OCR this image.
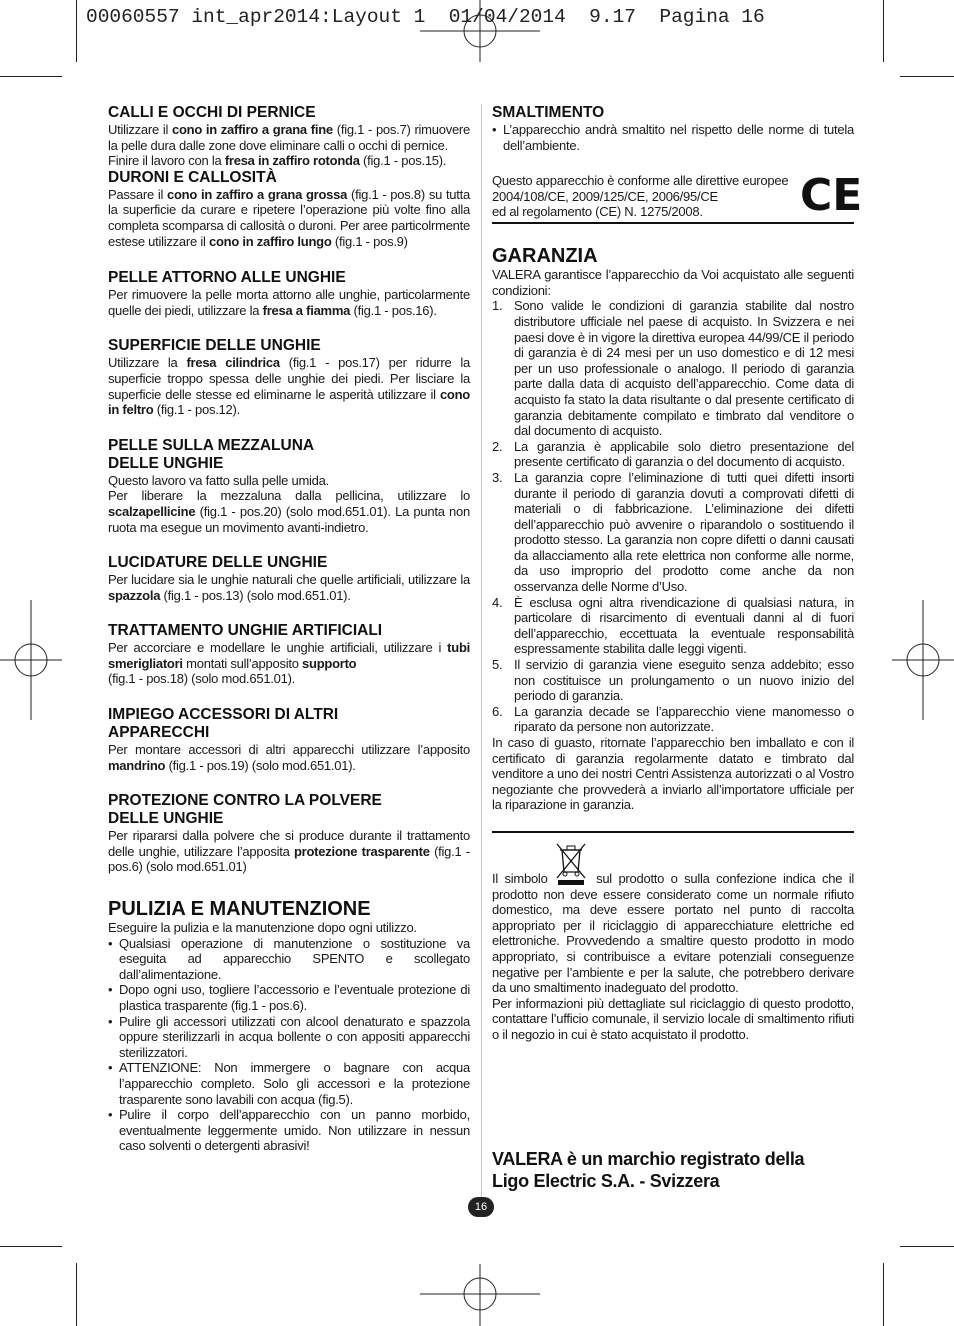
00060557 int_apr2014:Layout 1  01/04/2014  9.17  Pagina 16
CALLI E OCCHI DI PERNICE

Utilizzare il cono in zaffiro a grana fine (fig.1 - pos.7) rimuovere la pelle dura dalle zone dove eliminare calli o occhi di pernice.

Finire il lavoro con la fresa in zaffiro rotonda (fig.1 - pos.15).

DURONI E CALLOSITÀ

Passare il cono in zaffiro a grana grossa (fig.1 - pos.8) su tutta la superficie da curare e ripetere l’operazione più volte fino alla completa scomparsa di callosità o duroni. Per aree particolrmente estese utilizzare il cono in zaffiro lungo (fig.1 - pos.9)

PELLE ATTORNO ALLE UNGHIE

Per rimuovere la pelle morta attorno alle unghie, particolarmente quelle dei piedi, utilizzare la fresa a fiamma (fig.1 - pos.16).

SUPERFICIE DELLE UNGHIE

Utilizzare la fresa cilindrica (fig.1 - pos.17) per ridurre la superficie troppo spessa delle unghie dei piedi. Per lisciare la superficie delle stesse ed eliminarne le asperità utilizzare il cono in feltro (fig.1 - pos.12).

PELLE SULLA MEZZALUNA
DELLE UNGHIE

Questo lavoro va fatto sulla pelle umida.

Per liberare la mezzaluna dalla pellicina, utilizzare lo scalzapellicine (fig.1 - pos.20) (solo mod.651.01). La punta non ruota ma esegue un movimento avanti-indietro.

LUCIDATURE DELLE UNGHIE

Per lucidare sia le unghie naturali che quelle artificiali, utilizzare la spazzola (fig.1 - pos.13) (solo mod.651.01).

TRATTAMENTO UNGHIE ARTIFICIALI

Per accorciare e modellare le unghie artificiali, utilizzare i tubi smerigliatori montati sull’apposito supporto

(fig.1 - pos.18) (solo mod.651.01).

IMPIEGO ACCESSORI DI ALTRI
APPARECCHI

Per montare accessori di altri apparecchi utilizzare l’apposito mandrino (fig.1 - pos.19) (solo mod.651.01).

PROTEZIONE CONTRO LA POLVERE
DELLE UNGHIE

Per ripararsi dalla polvere che si produce durante il trattamento delle unghie, utilizzare l’apposita protezione trasparente (fig.1 - pos.6) (solo mod.651.01)

PULIZIA E MANUTENZIONE

Eseguire la pulizia e la manutenzione dopo ogni utilizzo.

• Qualsiasi operazione di manutenzione o sostituzione va eseguita ad apparecchio SPENTO e scollegato dall’alimentazione.
• Dopo ogni uso, togliere l’accessorio e l’eventuale protezione di plastica trasparente (fig.1 - pos.6).
• Pulire gli accessori utilizzati con alcool denaturato e spazzola oppure sterilizzarli in acqua bollente o con appositi apparecchi sterilizzatori.
• ATTENZIONE: Non immergere o bagnare con acqua l’apparecchio completo. Solo gli accessori e la protezione trasparente sono lavabili con acqua (fig.5).
• Pulire il corpo dell’apparecchio con un panno morbido, eventualmente leggermente umido. Non utilizzare in nessun caso solventi o detergenti abrasivi!
SMALTIMENTO
• L’apparecchio andrà smaltito nel rispetto delle norme di tutela dell’ambiente.
Questo apparecchio è conforme alle direttive europee
2004/108/CE, 2009/125/CE, 2006/95/CE
ed al regolamento (CE) N. 1275/2008.	CE
GARANZIA

VALERA garantisce l’apparecchio da Voi acquistato alle seguenti condizioni:

1. Sono valide le condizioni di garanzia stabilite dal nostro distributore ufficiale nel paese di acquisto. In Svizzera e nei paesi dove è in vigore la direttiva europea 44/99/CE il periodo di garanzia è di 24 mesi per un uso domestico e di 12 mesi per un uso professionale o analogo. Il periodo di garanzia parte dalla data di acquisto dell’apparecchio. Come data di acquisto fa stato la data risultante o dal presente certificato di garanzia debitamente compilato e timbrato dal venditore o dal documento di acquisto.
2. La garanzia è applicabile solo dietro presentazione del presente certificato di garanzia o del documento di acquisto.
3. La garanzia copre l’eliminazione di tutti quei difetti insorti durante il periodo di garanzia dovuti a comprovati difetti di materiali o di fabbricazione. L’eliminazione dei difetti dell’apparecchio può avvenire o riparandolo o sostituendo il prodotto stesso. La garanzia non copre difetti o danni causati da allacciamento alla rete elettrica non conforme alle norme, da uso improprio del prodotto come anche da non osservanza delle Norme d’Uso.
4. È esclusa ogni altra rivendicazione di qualsiasi natura, in particolare di risarcimento di eventuali danni al di fuori dell’apparecchio, eccettuata la eventuale responsabilità espressamente stabilita dalle leggi vigenti.
5. Il servizio di garanzia viene eseguito senza addebito; esso non costituisce un prolungamento o un nuovo inizio del periodo di garanzia.
6. La garanzia decade se l’apparecchio viene manomesso o riparato da persone non autorizzate.

In caso di guasto, ritornate l’apparecchio ben imballato e con il certificato di garanzia regolarmente datato e timbrato dal venditore a uno dei nostri Centri Assistenza autorizzati o al Vostro negoziante che provvederà a inviarlo all’importatore ufficiale per la riparazione in garanzia.

Il simbolo	sul prodotto o sulla confezione indica che il prodotto non deve essere considerato come un normale rifiuto domestico, ma deve essere portato nel punto di raccolta appropriato per il riciclaggio di apparecchiature elettriche ed elettroniche. Provvedendo a smaltire questo prodotto in modo appropriato, si contribuisce a evitare potenziali conseguenze negative per l’ambiente e per la salute, che potrebbero derivare da uno smaltimento inadeguato del prodotto.

Per informazioni più dettagliate sul riciclaggio di questo prodotto, contattare l’ufficio comunale, il servizio locale di smaltimento rifiuti o il negozio in cui è stato acquistato il prodotto.

VALERA è un marchio registrato della
Ligo Electric S.A. - Svizzera
16
